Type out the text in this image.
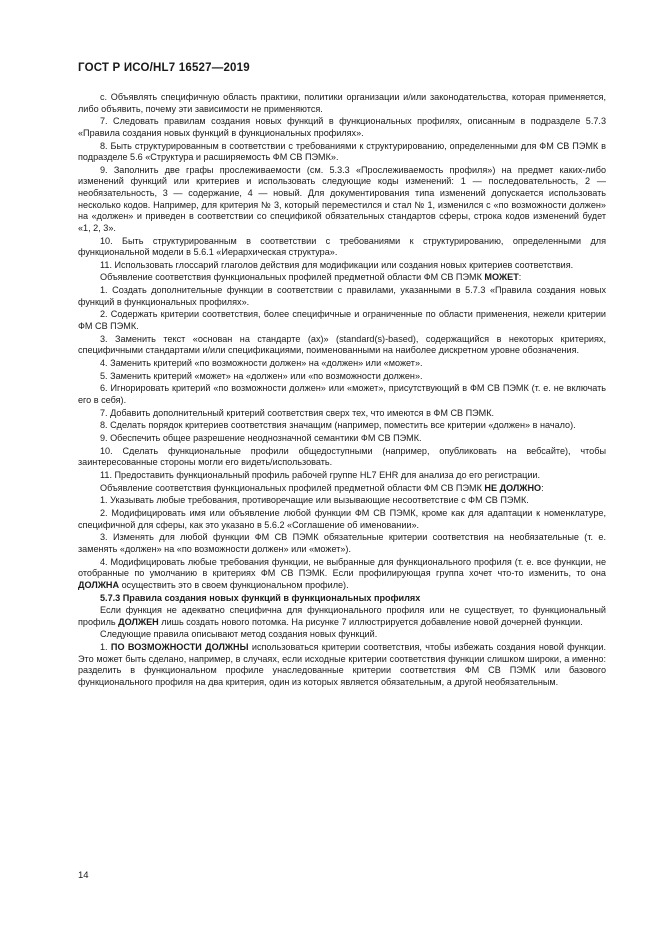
ГОСТ Р ИСО/HL7 16527—2019

с. Объявлять специфичную область практики, политики организации и/или законодательства, которая применяется, либо объявить, почему эти зависимости не применяются.

7. Следовать правилам создания новых функций в функциональных профилях, описанным в подразделе 5.7.3 «Правила создания новых функций в функциональных профилях».

8. Быть структурированным в соответствии с требованиями к структурированию, определенными для ФМ СВ ПЭМК в подразделе 5.6 «Структура и расширяемость ФМ СВ ПЭМК».

9. Заполнить две графы прослеживаемости (см. 5.3.3 «Прослеживаемость профиля») на предмет каких-либо изменений функций или критериев и использовать следующие коды изменений: 1 — последовательность, 2 — необязательность, 3 — содержание, 4 — новый. Для документирования типа изменений допускается использовать несколько кодов. Например, для критерия № 3, который переместился и стал № 1, изменился с «по возможности должен» на «должен» и приведен в соответствии со спецификой обязательных стандартов сферы, строка кодов изменений будет «1, 2, 3».

10. Быть структурированным в соответствии с требованиями к структурированию, определенными для функциональной модели в 5.6.1 «Иерархическая структура».

11. Использовать глоссарий глаголов действия для модификации или создания новых критериев соответствия.

Объявление соответствия функциональных профилей предметной области ФМ СВ ПЭМК МОЖЕТ:

1. Создать дополнительные функции в соответствии с правилами, указанными в 5.7.3 «Правила создания новых функций в функциональных профилях».

2. Содержать критерии соответствия, более специфичные и ограниченные по области применения, нежели критерии ФМ СВ ПЭМК.

3. Заменить текст «основан на стандарте (ах)» (standard(s)-based), содержащийся в некоторых критериях, специфичными стандартами и/или спецификациями, поименованными на наиболее дискретном уровне обозначения.

4. Заменить критерий «по возможности должен» на «должен» или «может».

5. Заменить критерий «может» на «должен» или «по возможности должен».

6. Игнорировать критерий «по возможности должен» или «может», присутствующий в ФМ СВ ПЭМК (т. е. не включать его в себя).

7. Добавить дополнительный критерий соответствия сверх тех, что имеются в ФМ СВ ПЭМК.

8. Сделать порядок критериев соответствия значащим (например, поместить все критерии «должен» в начало).

9. Обеспечить общее разрешение неоднозначной семантики ФМ СВ ПЭМК.

10. Сделать функциональные профили общедоступными (например, опубликовать на вебсайте), чтобы заинтересованные стороны могли его видеть/использовать.

11. Предоставить функциональный профиль рабочей группе HL7 EHR для анализа до его регистрации.

Объявление соответствия функциональных профилей предметной области ФМ СВ ПЭМК НЕ ДОЛЖНО:

1. Указывать любые требования, противоречащие или вызывающие несоответствие с ФМ СВ ПЭМК.

2. Модифицировать имя или объявление любой функции ФМ СВ ПЭМК, кроме как для адаптации к номенклатуре, специфичной для сферы, как это указано в 5.6.2 «Соглашение об именовании».

3. Изменять для любой функции ФМ СВ ПЭМК обязательные критерии соответствия на необязательные (т. е. заменять «должен» на «по возможности должен» или «может»).

4. Модифицировать любые требования функции, не выбранные для функционального профиля (т. е. все функции, не отобранные по умолчанию в критериях ФМ СВ ПЭМК. Если профилирующая группа хочет что-то изменить, то она ДОЛЖНА осуществить это в своем функциональном профиле).

5.7.3 Правила создания новых функций в функциональных профилях

Если функция не адекватно специфична для функционального профиля или не существует, то функциональный профиль ДОЛЖЕН лишь создать нового потомка. На рисунке 7 иллюстрируется добавление новой дочерней функции.

Следующие правила описывают метод создания новых функций.

1. ПО ВОЗМОЖНОСТИ ДОЛЖНЫ использоваться критерии соответствия, чтобы избежать создания новой функции. Это может быть сделано, например, в случаях, если исходные критерии соответствия функции слишком широки, а именно: разделить в функциональном профиле унаследованные критерии соответствия ФМ СВ ПЭМК или базового функционального профиля на два критерия, один из которых является обязательным, а другой необязательным.

14
